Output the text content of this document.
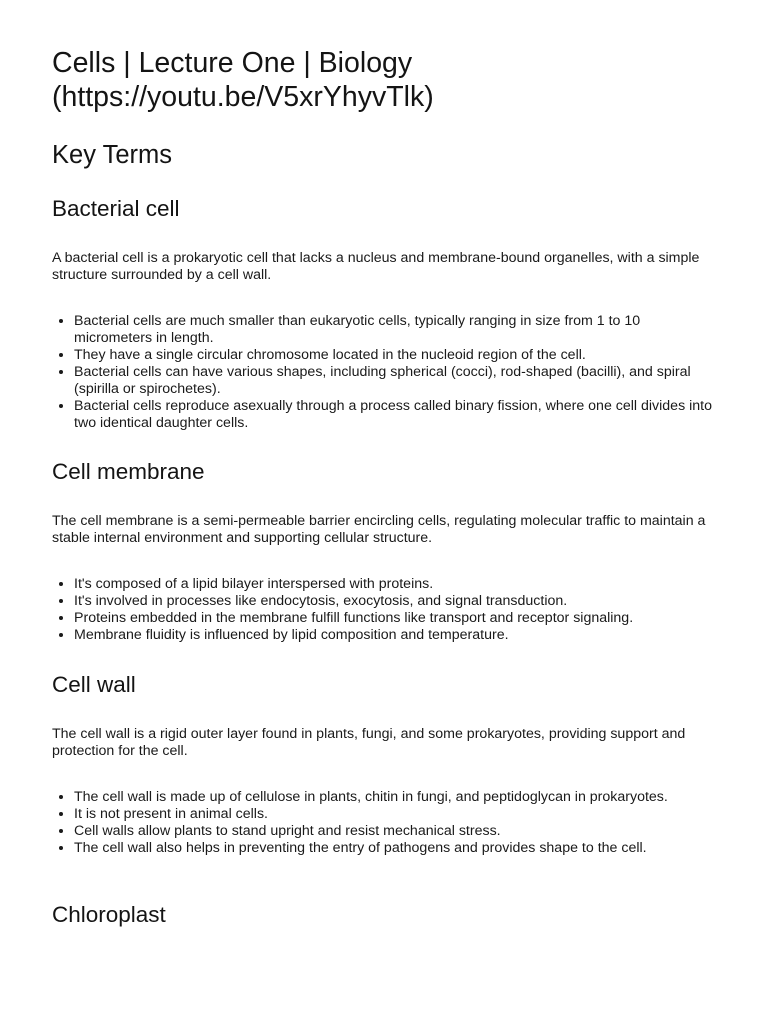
Cells | Lecture One | Biology (https://youtu.be/V5xrYhyvTlk)
Key Terms
Bacterial cell

A bacterial cell is a prokaryotic cell that lacks a nucleus and membrane-bound organelles, with a simple structure surrounded by a cell wall.

• Bacterial cells are much smaller than eukaryotic cells, typically ranging in size from 1 to 10 micrometers in length.
• They have a single circular chromosome located in the nucleoid region of the cell.
• Bacterial cells can have various shapes, including spherical (cocci), rod-shaped (bacilli), and spiral (spirilla or spirochetes).
• Bacterial cells reproduce asexually through a process called binary fission, where one cell divides into two identical daughter cells.
Cell membrane

The cell membrane is a semi-permeable barrier encircling cells, regulating molecular traffic to maintain a stable internal environment and supporting cellular structure.

• It's composed of a lipid bilayer interspersed with proteins.
• It's involved in processes like endocytosis, exocytosis, and signal transduction.
• Proteins embedded in the membrane fulfill functions like transport and receptor signaling.
• Membrane fluidity is influenced by lipid composition and temperature.
Cell wall

The cell wall is a rigid outer layer found in plants, fungi, and some prokaryotes, providing support and protection for the cell.

• The cell wall is made up of cellulose in plants, chitin in fungi, and peptidoglycan in prokaryotes.
• It is not present in animal cells.
• Cell walls allow plants to stand upright and resist mechanical stress.
• The cell wall also helps in preventing the entry of pathogens and provides shape to the cell.
Chloroplast
